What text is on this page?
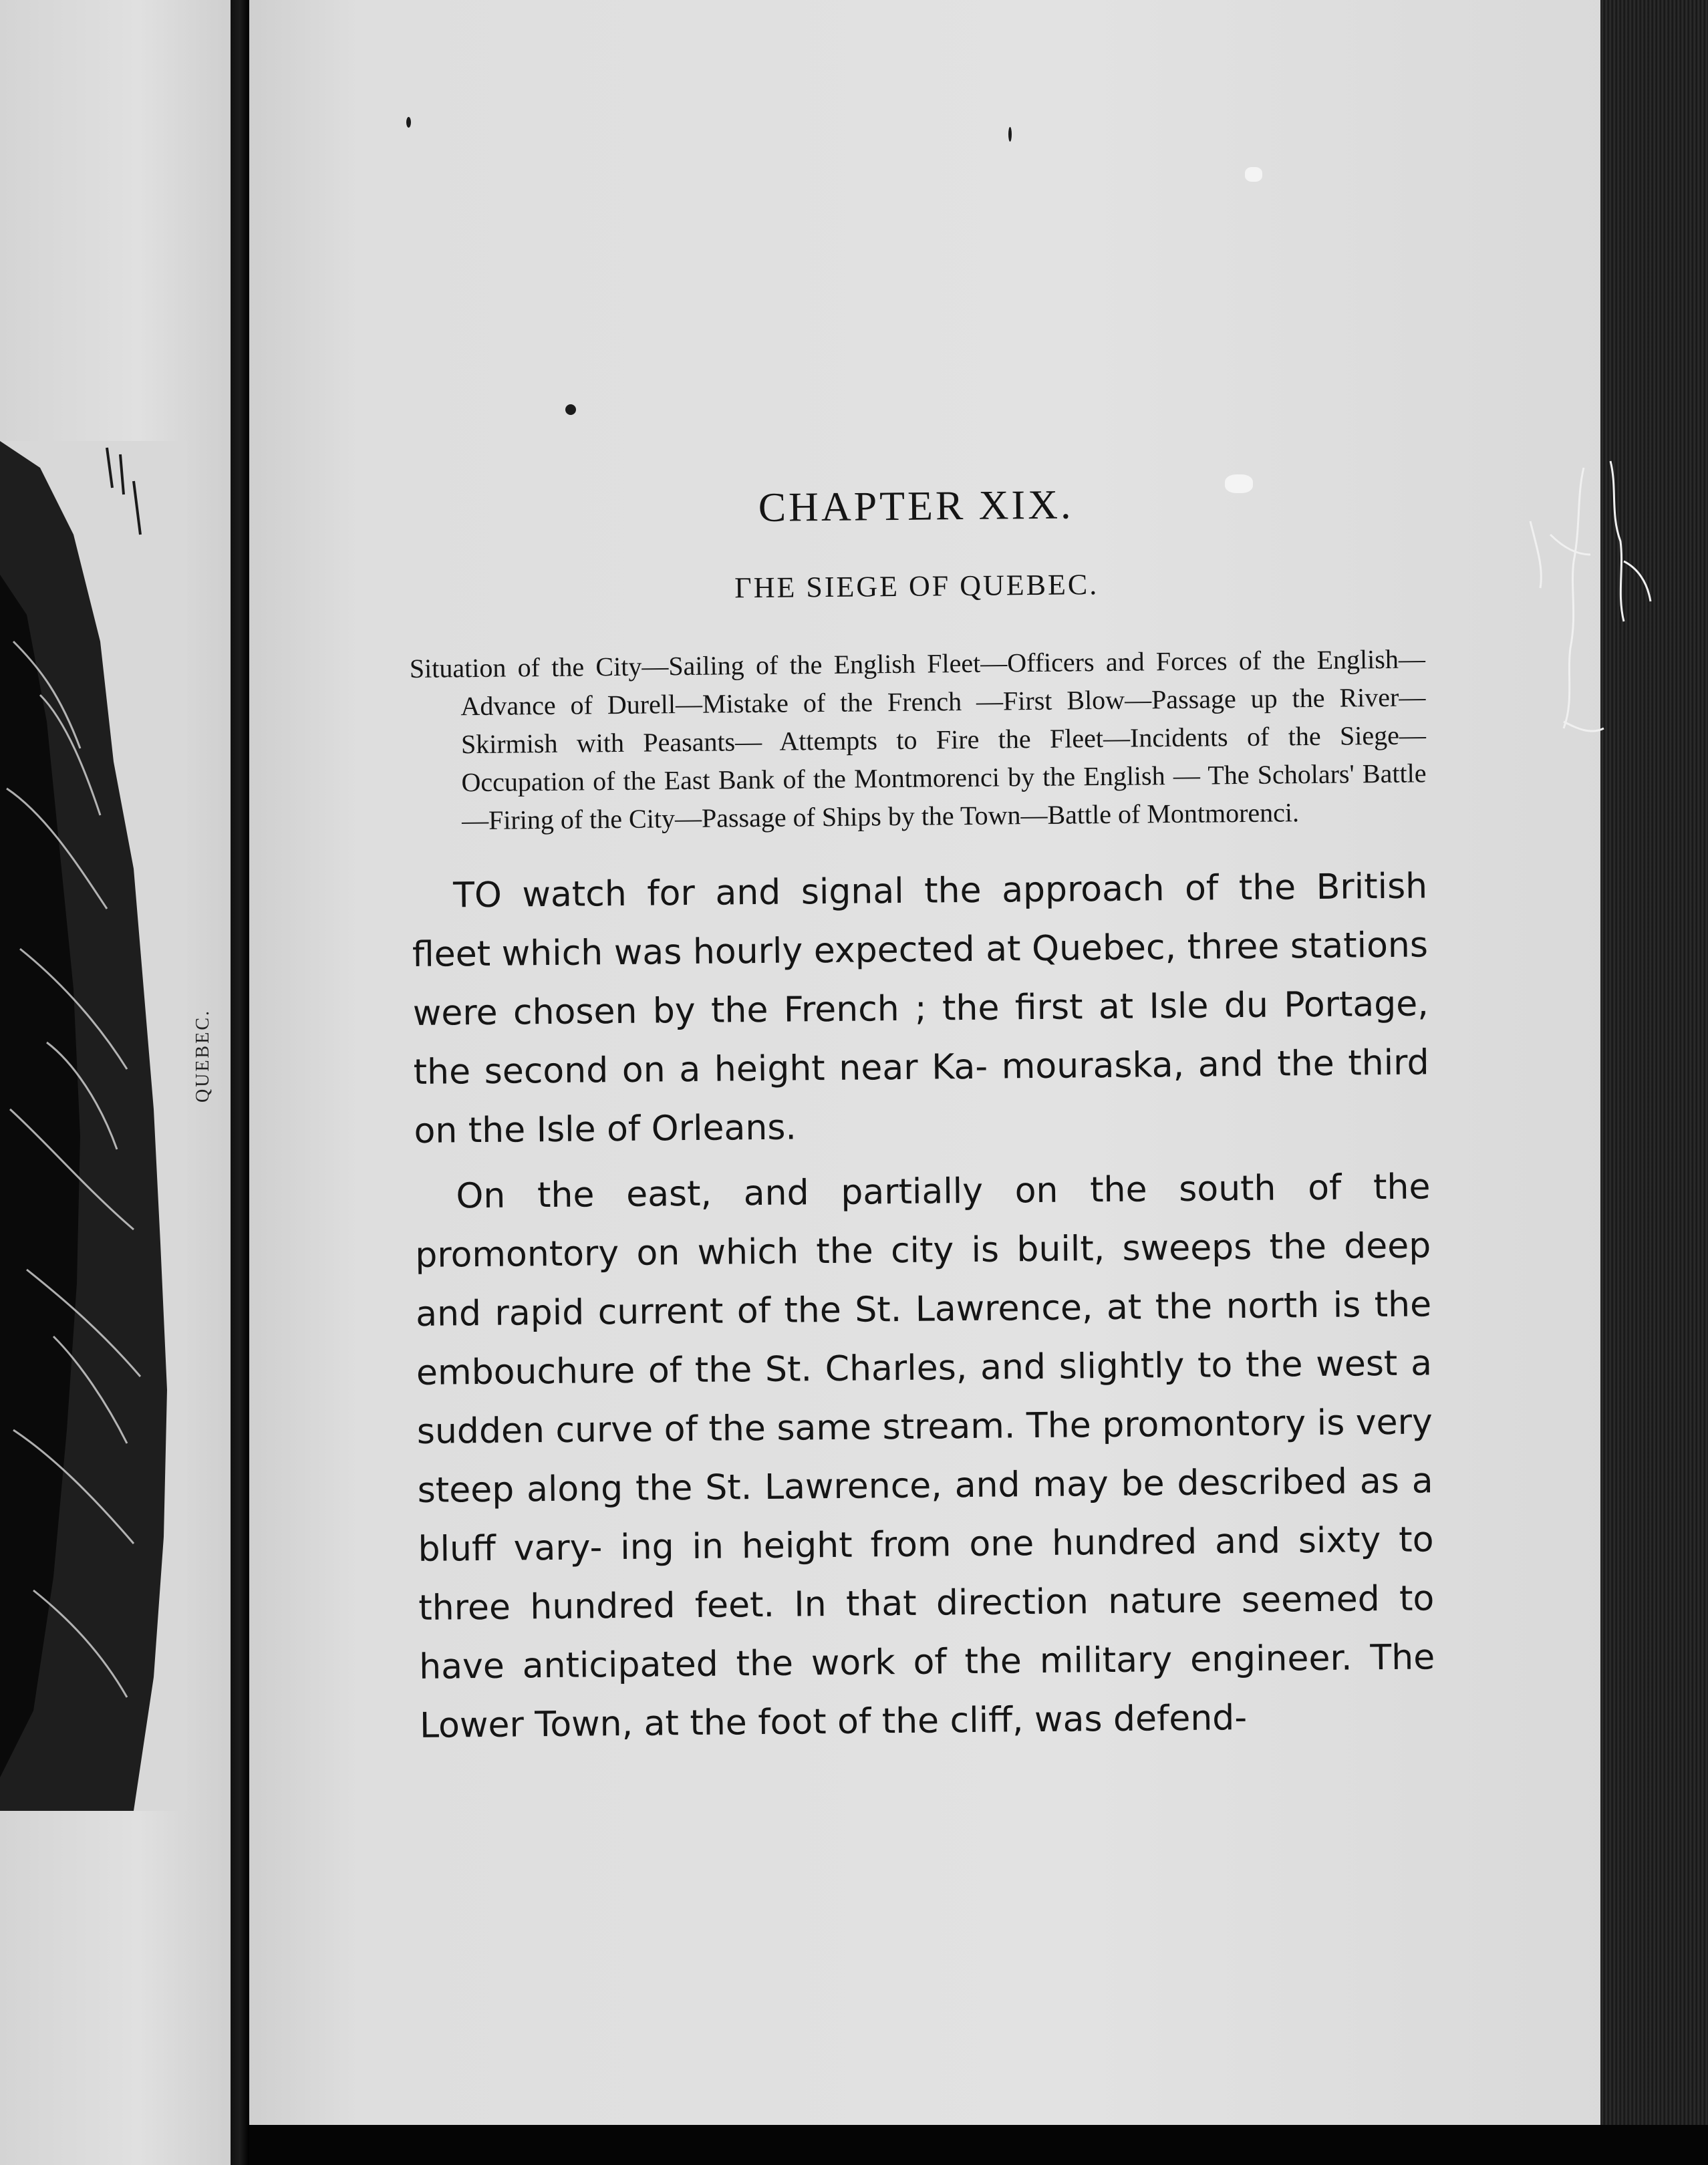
QUEBEC.
CHAPTER XIX.
ΓHE SIEGE OF QUEBEC.

Situation of the City—Sailing of the English Fleet—Officers and Forces of the English—Advance of Durell—Mistake of the French —First Blow—Passage up the River—Skirmish with Peasants— Attempts to Fire the Fleet—Incidents of the Siege—Occupation of the East Bank of the Montmorenci by the English — The Scholars' Battle—Firing of the City—Passage of Ships by the Town—Battle of Montmorenci.

TO watch for and signal the approach of the British fleet which was hourly expected at Quebec, three stations were chosen by the French ; the first at Isle du Portage, the second on a height near Ka- mouraska, and the third on the Isle of Orleans.

On the east, and partially on the south of the promontory on which the city is built, sweeps the deep and rapid current of the St. Lawrence, at the north is the embouchure of the St. Charles, and slightly to the west a sudden curve of the same stream. The promontory is very steep along the St. Lawrence, and may be described as a bluff vary- ing in height from one hundred and sixty to three hundred feet. In that direction nature seemed to have anticipated the work of the military engineer. The Lower Town, at the foot of the cliff, was defend-
